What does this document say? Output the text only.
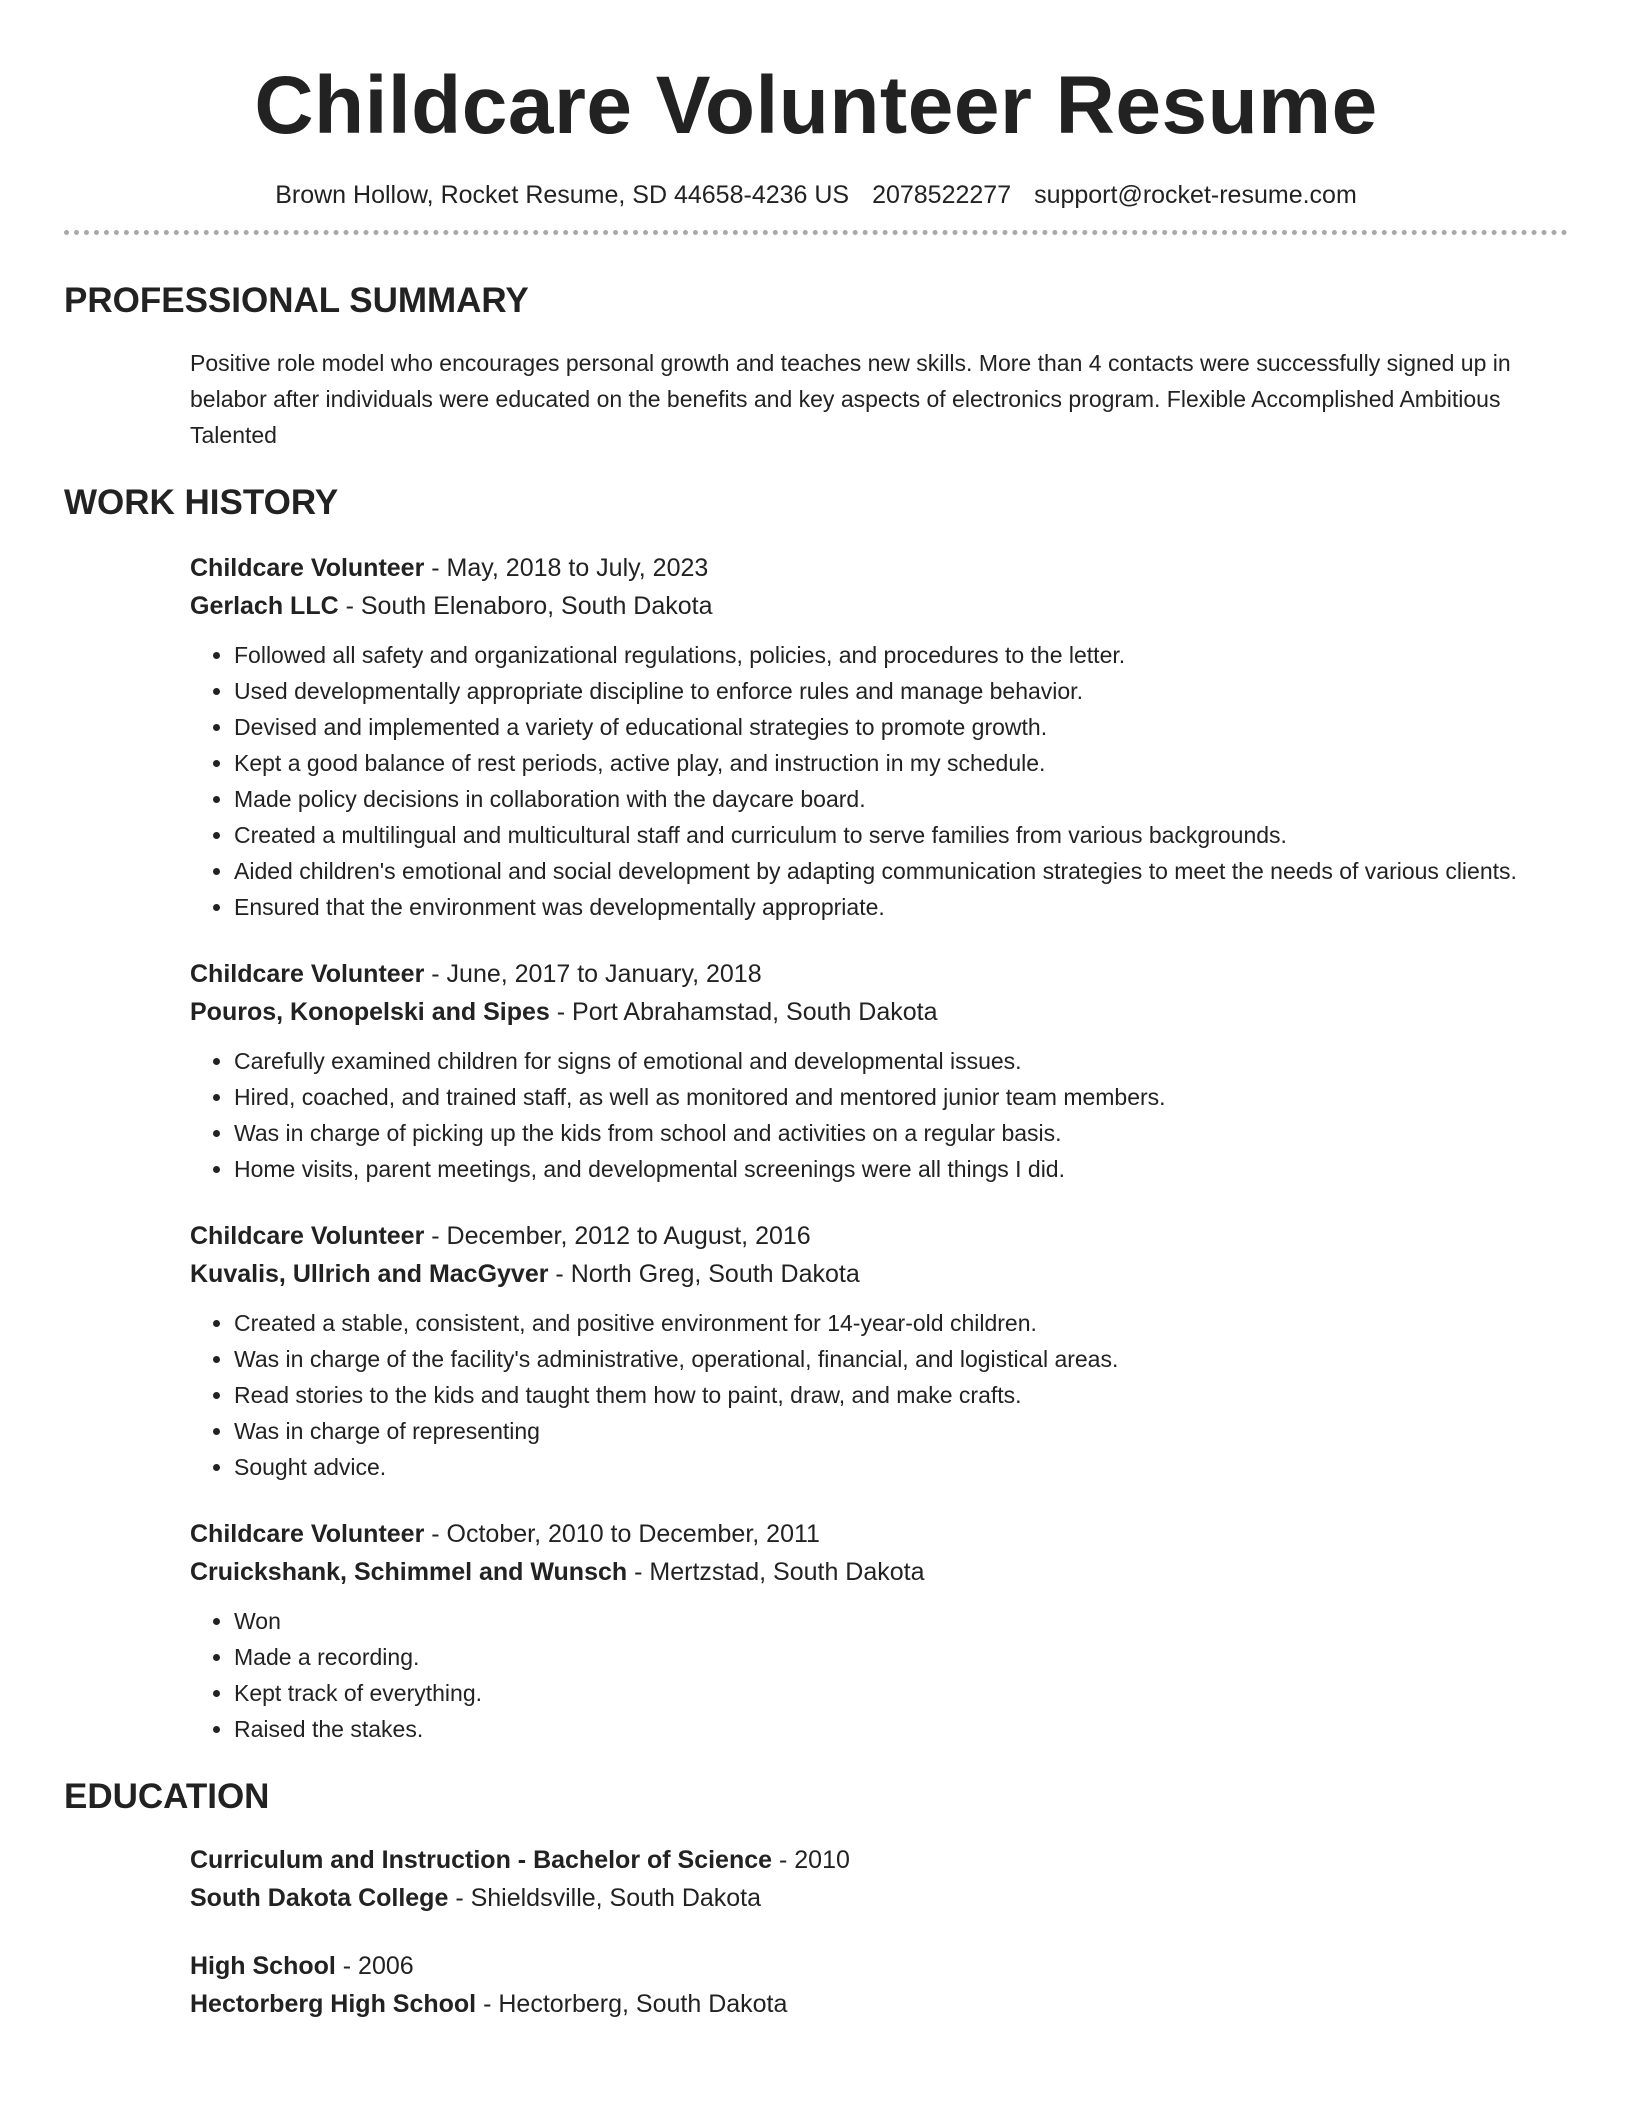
Childcare Volunteer Resume
Brown Hollow, Rocket Resume, SD 44658-4236 US 2078522277 support@rocket-resume.com
PROFESSIONAL SUMMARY

Positive role model who encourages personal growth and teaches new skills. More than 4 contacts were successfully signed up in belabor after individuals were educated on the benefits and key aspects of electronics program. Flexible Accomplished Ambitious Talented

WORK HISTORY
Childcare Volunteer - May, 2018 to July, 2023
Gerlach LLC - South Elenaboro, South Dakota
• Followed all safety and organizational regulations, policies, and procedures to the letter.
• Used developmentally appropriate discipline to enforce rules and manage behavior.
• Devised and implemented a variety of educational strategies to promote growth.
• Kept a good balance of rest periods, active play, and instruction in my schedule.
• Made policy decisions in collaboration with the daycare board.
• Created a multilingual and multicultural staff and curriculum to serve families from various backgrounds.
• Aided children's emotional and social development by adapting communication strategies to meet the needs of various clients.
• Ensured that the environment was developmentally appropriate.
Childcare Volunteer - June, 2017 to January, 2018
Pouros, Konopelski and Sipes - Port Abrahamstad, South Dakota
• Carefully examined children for signs of emotional and developmental issues.
• Hired, coached, and trained staff, as well as monitored and mentored junior team members.
• Was in charge of picking up the kids from school and activities on a regular basis.
• Home visits, parent meetings, and developmental screenings were all things I did.
Childcare Volunteer - December, 2012 to August, 2016
Kuvalis, Ullrich and MacGyver - North Greg, South Dakota
• Created a stable, consistent, and positive environment for 14-year-old children.
• Was in charge of the facility's administrative, operational, financial, and logistical areas.
• Read stories to the kids and taught them how to paint, draw, and make crafts.
• Was in charge of representing
• Sought advice.
Childcare Volunteer - October, 2010 to December, 2011
Cruickshank, Schimmel and Wunsch - Mertzstad, South Dakota
• Won
• Made a recording.
• Kept track of everything.
• Raised the stakes.
EDUCATION
Curriculum and Instruction - Bachelor of Science - 2010
South Dakota College - Shieldsville, South Dakota
High School - 2006
Hectorberg High School - Hectorberg, South Dakota
